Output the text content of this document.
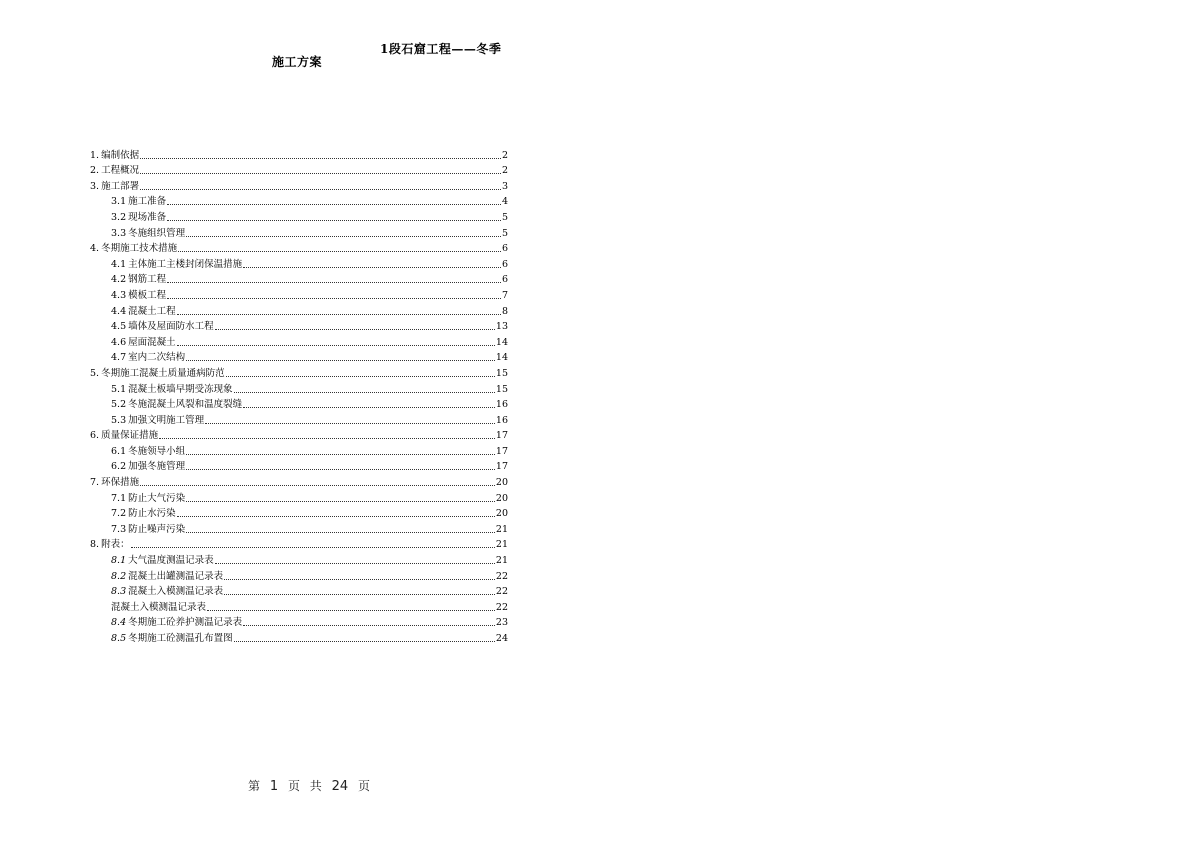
1段石窟工程——冬季
施工方案
1. 编制依据	2
2. 工程概况	2
3. 施工部署	3
3.1 施工准备	4
3.2 现场准备	5
3.3 冬施组织管理	5
4. 冬期施工技术措施	6
4.1 主体施工主楼封闭保温措施	6
4.2 钢筋工程	6
4.3 模板工程	7
4.4 混凝土工程	8
4.5 墙体及屋面防水工程	13
4.6 屋面混凝土	14
4.7 室内二次结构	14
5. 冬期施工混凝土质量通病防范	15
5.1 混凝土板墙早期受冻现象	15
5.2 冬施混凝土风裂和温度裂缝	16
5.3 加强文明施工管理	16
6. 质量保证措施	17
6.1 冬施领导小组	17
6.2 加强冬施管理	17
7. 环保措施	20
7.1 防止大气污染	20
7.2 防止水污染	20
7.3 防止噪声污染	21
8. 附表：	21
8.1 大气温度测温记录表	21
8.2 混凝土出罐测温记录表	22
8.3 混凝土入模测温记录表	22
混凝土入模测温记录表	22
8.4 冬期施工砼养护测温记录表	23
8.5 冬期施工砼测温孔布置图	24
第 1 页 共 24 页
